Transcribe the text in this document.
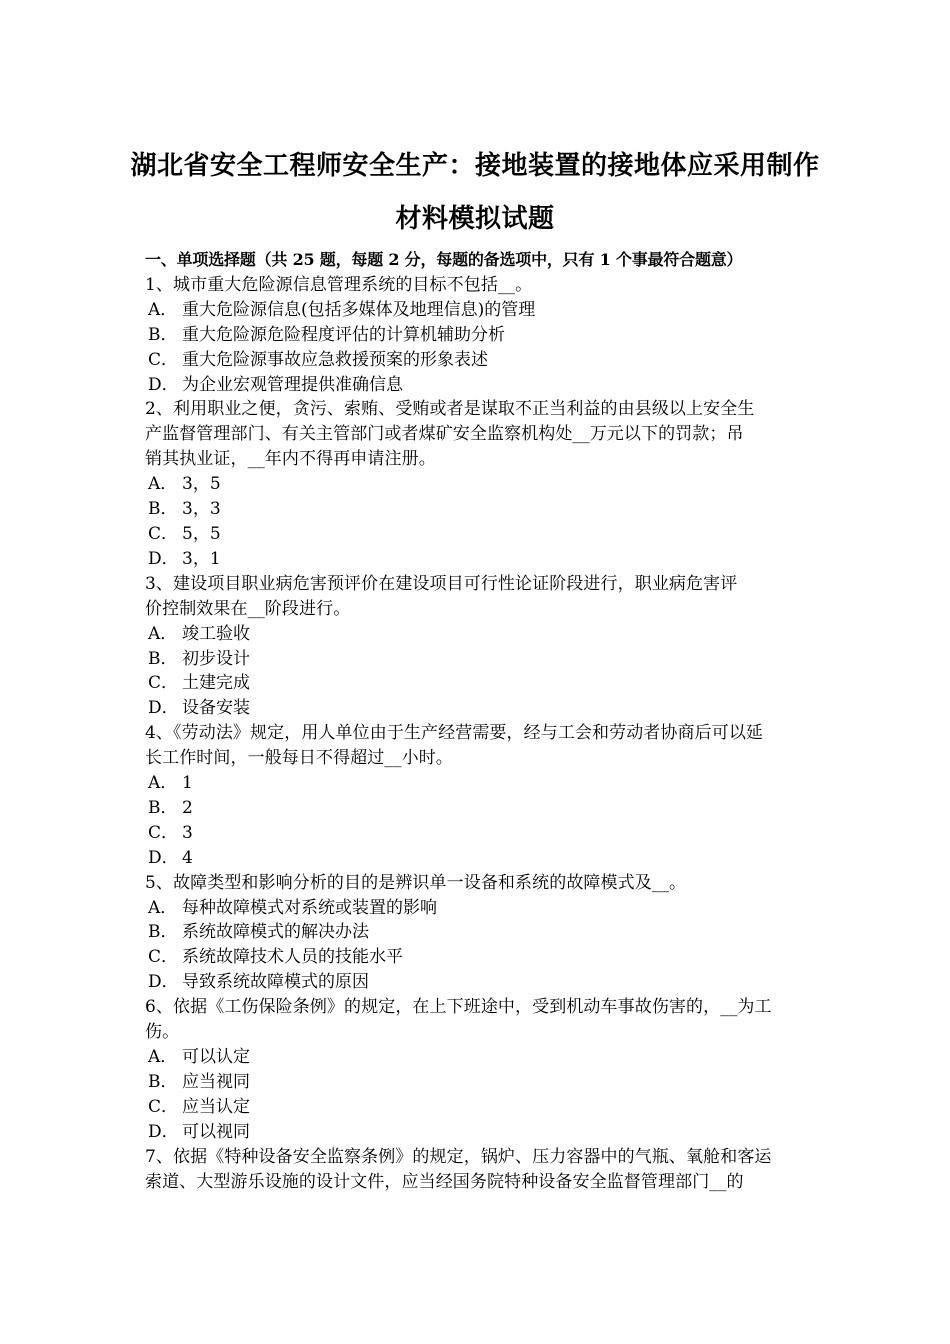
湖北省安全工程师安全生产：接地装置的接地体应采用制作
材料模拟试题
一、单项选择题（共 25 题，每题 2 分，每题的备选项中，只有 1 个事最符合题意）
1、城市重大危险源信息管理系统的目标不包括__。
A． 重大危险源信息(包括多媒体及地理信息)的管理
B． 重大危险源危险程度评估的计算机辅助分析
C． 重大危险源事故应急救援预案的形象表述
D． 为企业宏观管理提供准确信息
2、利用职业之便，贪污、索贿、受贿或者是谋取不正当利益的由县级以上安全生
产监督管理部门、有关主管部门或者煤矿安全监察机构处__万元以下的罚款；吊
销其执业证，__年内不得再申请注册。
A． 3，5
B． 3，3
C． 5，5
D． 3，1
3、建设项目职业病危害预评价在建设项目可行性论证阶段进行，职业病危害评
价控制效果在__阶段进行。
A． 竣工验收
B． 初步设计
C． 土建完成
D． 设备安装
4、《劳动法》规定，用人单位由于生产经营需要，经与工会和劳动者协商后可以延
长工作时间，一般每日不得超过__小时。
A． 1
B． 2
C． 3
D． 4
5、故障类型和影响分析的目的是辨识单一设备和系统的故障模式及__。
A． 每种故障模式对系统或装置的影响
B． 系统故障模式的解决办法
C． 系统故障技术人员的技能水平
D． 导致系统故障模式的原因
6、依据《工伤保险条例》的规定，在上下班途中，受到机动车事故伤害的，__为工
伤。
A． 可以认定
B． 应当视同
C． 应当认定
D． 可以视同
7、依据《特种设备安全监察条例》的规定，锅炉、压力容器中的气瓶、氧舱和客运
索道、大型游乐设施的设计文件，应当经国务院特种设备安全监督管理部门__的
